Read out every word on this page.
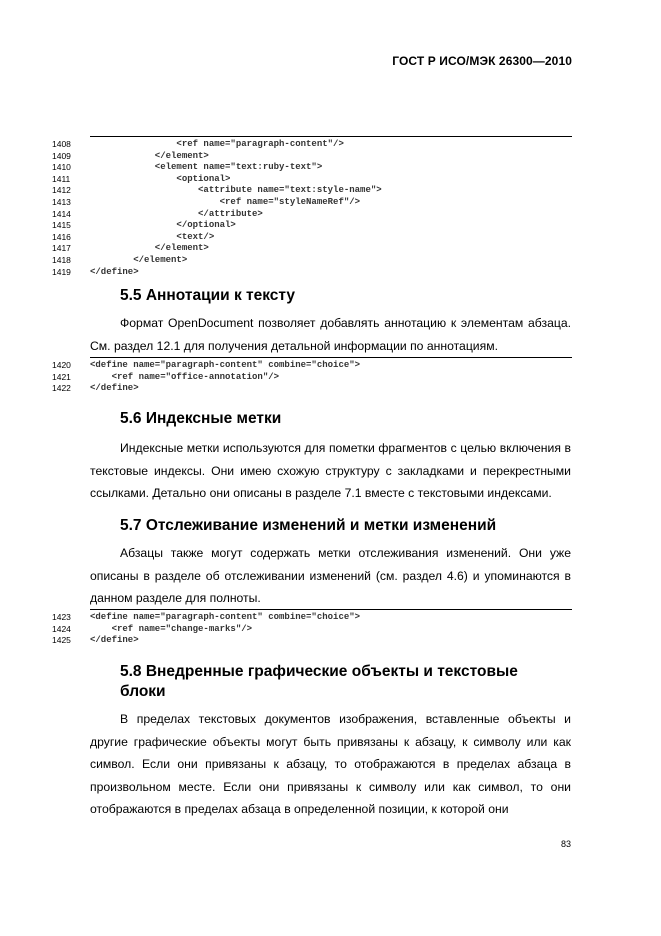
ГОСТ Р ИСО/МЭК 26300—2010
1408	<ref name="paragraph-content"/>
1409	</element>
1410	<element name="text:ruby-text">
1411	<optional>
1412	<attribute name="text:style-name">
1413	<ref name="styleNameRef"/>
1414	</attribute>
1415	</optional>
1416	<text/>
1417	</element>
1418	</element>
1419	</define>
5.5 Аннотации к тексту

Формат OpenDocument позволяет добавлять аннотацию к элементам абзаца. См. раздел 12.1 для получения детальной информации по аннотациям.

1420	<define name="paragraph-content" combine="choice">
1421	<ref name="office-annotation"/>
1422	</define>
5.6 Индексные метки

Индексные метки используются для пометки фрагментов с целью включения в текстовые индексы. Они имею схожую структуру с закладками и перекрестными ссылками. Детально они описаны в разделе 7.1 вместе с текстовыми индексами.

5.7 Отслеживание изменений и метки изменений

Абзацы также могут содержать метки отслеживания изменений. Они уже описаны в разделе об отслеживании изменений (см. раздел 4.6) и упоминаются в данном разделе для полноты.

1423	<define name="paragraph-content" combine="choice">
1424	<ref name="change-marks"/>
1425	</define>
5.8 Внедренные графические объекты и текстовые
блоки

В пределах текстовых документов изображения, вставленные объекты и другие графические объекты могут быть привязаны к абзацу, к символу или как символ. Если они привязаны к абзацу, то отображаются в пределах абзаца в произвольном месте. Если они привязаны к символу или как символ, то они отображаются в пределах абзаца в определенной позиции, к которой они

83
